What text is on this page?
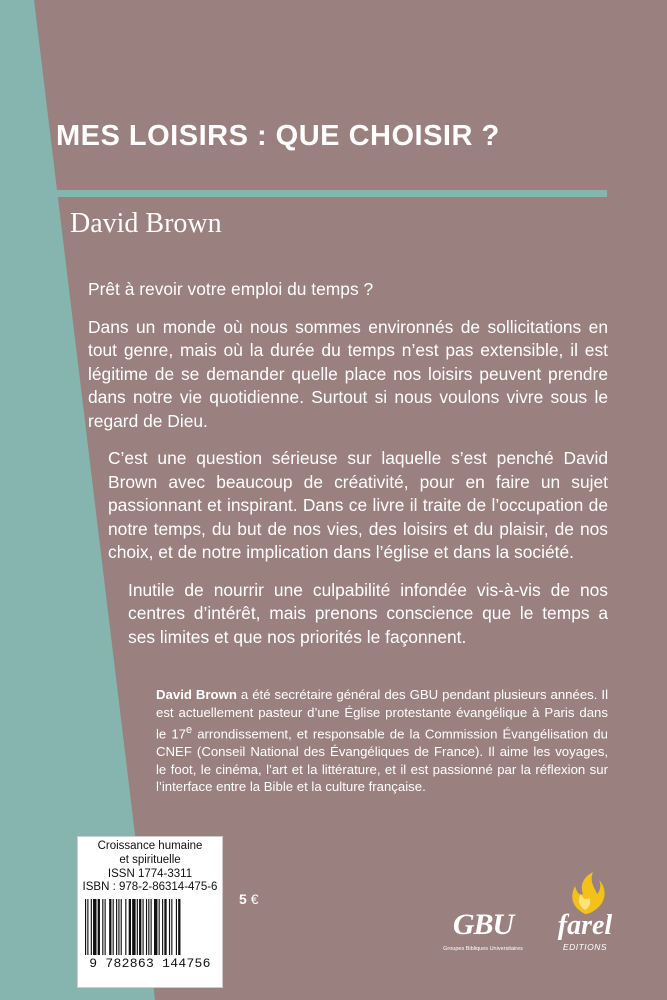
MES LOISIRS : QUE CHOISIR ?
David Brown

Prêt à revoir votre emploi du temps ?

Dans un monde où nous sommes environnés de sollicitations en tout genre, mais où la durée du temps n’est pas extensible, il est légitime de se demander quelle place nos loisirs peuvent prendre dans notre vie quotidienne. Surtout si nous voulons vivre sous le regard de Dieu.

C’est une question sérieuse sur laquelle s’est penché David Brown avec beaucoup de créativité, pour en faire un sujet passionnant et inspirant. Dans ce livre il traite de l’occupation de notre temps, du but de nos vies, des loisirs et du plaisir, de nos choix, et de notre implication dans l’église et dans la société.

Inutile de nourrir une culpabilité infondée vis-à-vis de nos centres d’intérêt, mais prenons conscience que le temps a ses limites et que nos priorités le façonnent.

David Brown a été secrétaire général des GBU pendant plusieurs années. Il est actuellement pasteur d’une Église protestante évangélique à Paris dans le 17e arrondissement, et responsable de la Commission Évangélisation du CNEF (Conseil National des Évangéliques de France). Il aime les voyages, le foot, le cinéma, l’art et la littérature, et il est passionné par la réflexion sur l’interface entre la Bible et la culture française.

Croissance humaine
et spirituelle
ISSN 1774-3311
ISBN : 978-2-86314-475-6
9 782863 144756
5 €
GBU
Groupes Bibliques Universitaires
farel
EDITIONS
